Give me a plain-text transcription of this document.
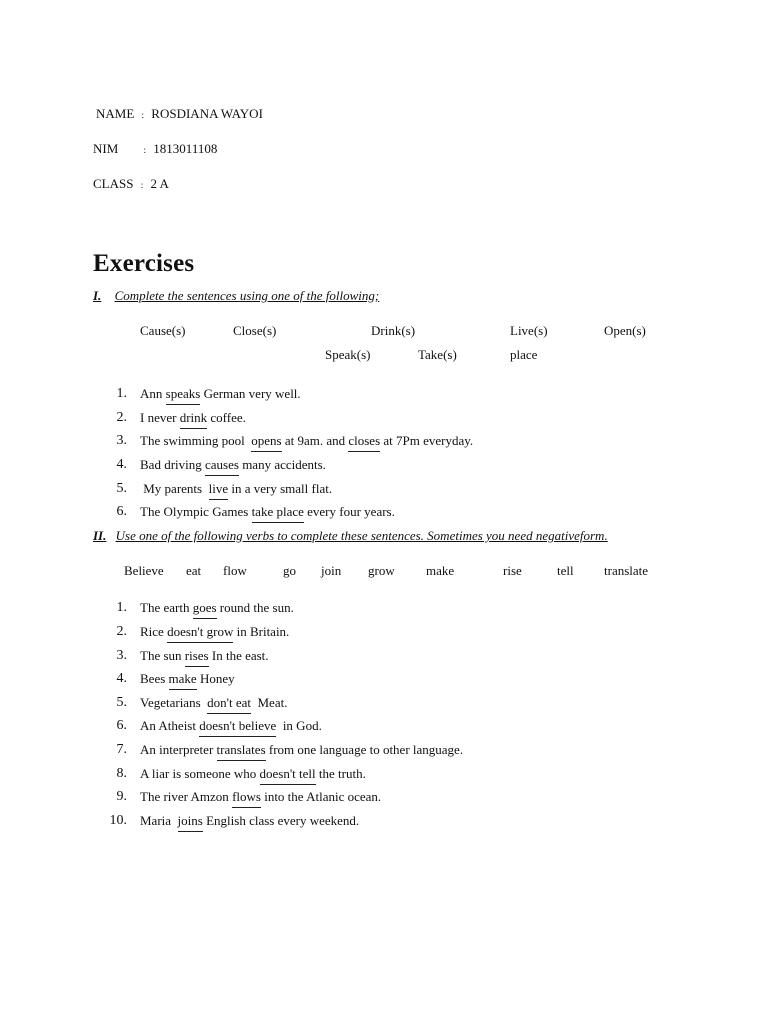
NAME : ROSDIANA WAYOI
NIM	: 1813011108
CLASS : 2 A
Exercises
I. Complete the sentences using one of the following;
Cause(s)	Close(s)	Drink(s)	Live(s)	Open(s)
Speak(s)	Take(s)	place
1. Ann speaks German very well.
2. I never drink coffee.
3. The swimming pool  opens at 9am. and closes at 7Pm everyday.
4. Bad driving causes many accidents.
5. My parents  live in a very small flat.
6. The Olympic Games take place every four years.
II. Use one of the following verbs to complete these sentences. Sometimes you need negativeform.
Believe eat flow	go join grow make	rise	tell translate
1. The earth goes round the sun.
2. Rice doesn't grow in Britain.
3. The sun rises In the east.
4. Bees make Honey
5. Vegetarians  don't eat  Meat.
6. An Atheist doesn't believe  in God.
7. An interpreter translates from one language to other language.
8. A liar is someone who doesn't tell the truth.
9. The river Amzon flows into the Atlanic ocean.
10. Maria  joins English class every weekend.
